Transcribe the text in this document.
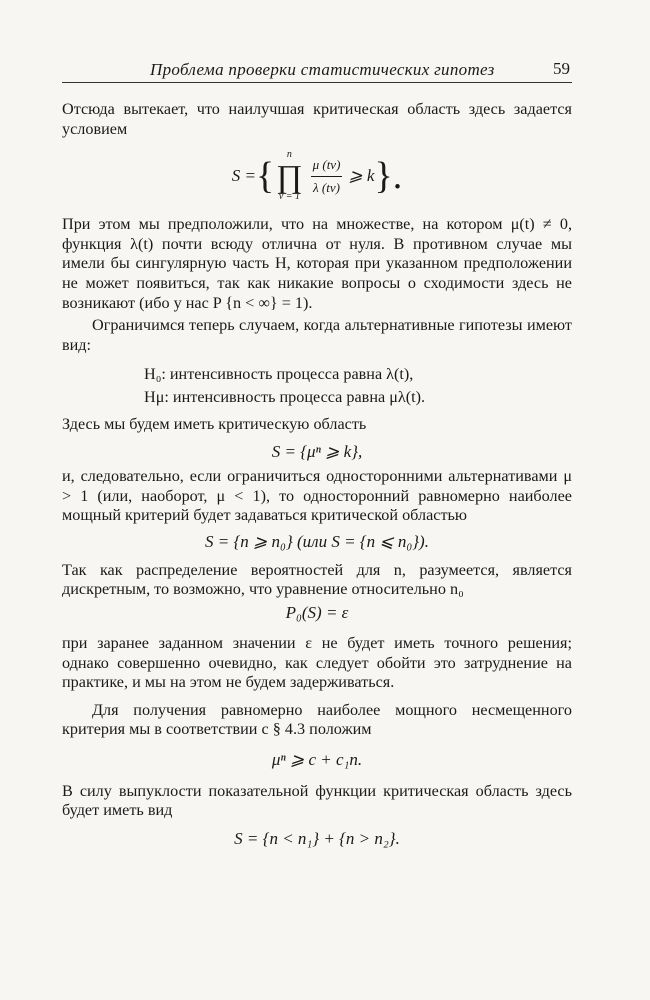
Проблема проверки статистических гипотез	59

Отсюда вытекает, что наилучшая критическая область здесь задается условием

S = {
n
∏
$\nu = 1 \frac{\mu (t\nu)}{\lambda (t\nu)}$ ⩾ k }.

При этом мы предположили, что на множестве, на котором μ(t) ≠ 0, функция λ(t) почти всюду отлична от нуля. В противном случае мы имели бы сингулярную часть H, которая при указанном предположении не может появиться, так как никакие вопросы о сходимости здесь не возникают (ибо у нас P {n < ∞} = 1).

Ограничимся теперь случаем, когда альтернативные гипотезы имеют вид:

H₀: интенсивность процесса равна λ(t),
Hμ: интенсивность процесса равна μλ(t).

Здесь мы будем иметь критическую область

S = {μⁿ ⩾ k},

и, следовательно, если ограничиться односторонними альтернативами μ > 1 (или, наоборот, μ < 1), то односторонний равномерно наиболее мощный критерий будет задаваться критической областью

S = {n ⩾ n₀} (или S = {n ⩽ n₀}).

Так как распределение вероятностей для n, разумеется, является дискретным, то возможно, что уравнение относительно n₀

P₀(S) = ε

при заранее заданном значении ε не будет иметь точного решения; однако совершенно очевидно, как следует обойти это затруднение на практике, и мы на этом не будем задерживаться.

Для получения равномерно наиболее мощного несмещенного критерия мы в соответствии с § 4.3 положим

μⁿ ⩾ c + c₁n.

В силу выпуклости показательной функции критическая область здесь будет иметь вид

S = {n < n₁} + {n > n₂}.
